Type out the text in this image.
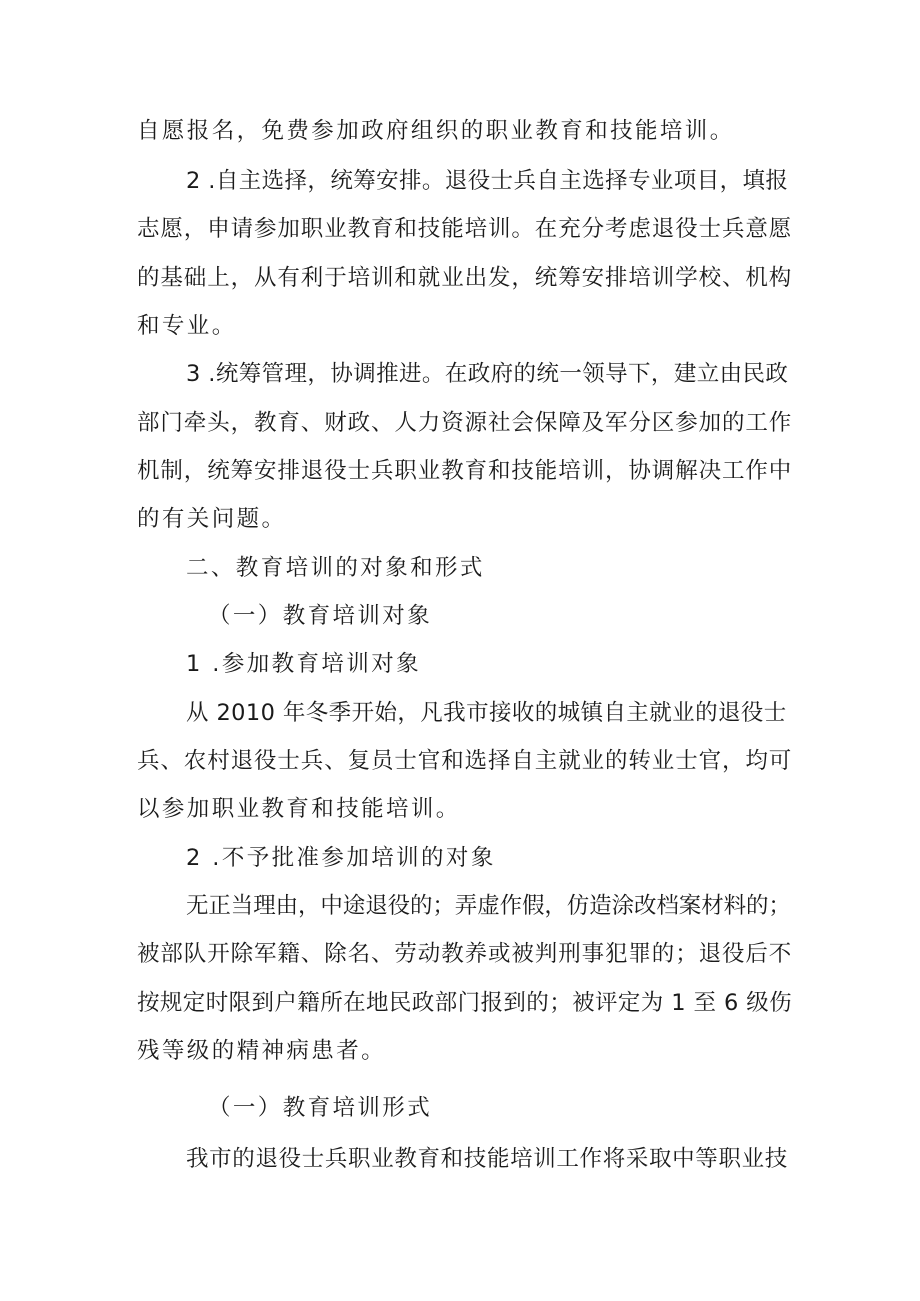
自愿报名，免费参加政府组织的职业教育和技能培训。
2 .自主选择，统筹安排。退役士兵自主选择专业项目，填报
志愿，申请参加职业教育和技能培训。在充分考虑退役士兵意愿
的基础上，从有利于培训和就业出发，统筹安排培训学校、机构
和专业。
3 .统筹管理，协调推进。在政府的统一领导下，建立由民政
部门牵头，教育、财政、人力资源社会保障及军分区参加的工作
机制，统筹安排退役士兵职业教育和技能培训，协调解决工作中
的有关问题。
二、教育培训的对象和形式
（一）教育培训对象
1 .参加教育培训对象
从 2010 年冬季开始，凡我市接收的城镇自主就业的退役士
兵、农村退役士兵、复员士官和选择自主就业的转业士官，均可
以参加职业教育和技能培训。
2 .不予批准参加培训的对象
无正当理由，中途退役的；弄虚作假，仿造涂改档案材料的；
被部队开除军籍、除名、劳动教养或被判刑事犯罪的；退役后不
按规定时限到户籍所在地民政部门报到的；被评定为 1 至 6 级伤
残等级的精神病患者。
（一）教育培训形式
我市的退役士兵职业教育和技能培训工作将采取中等职业技
